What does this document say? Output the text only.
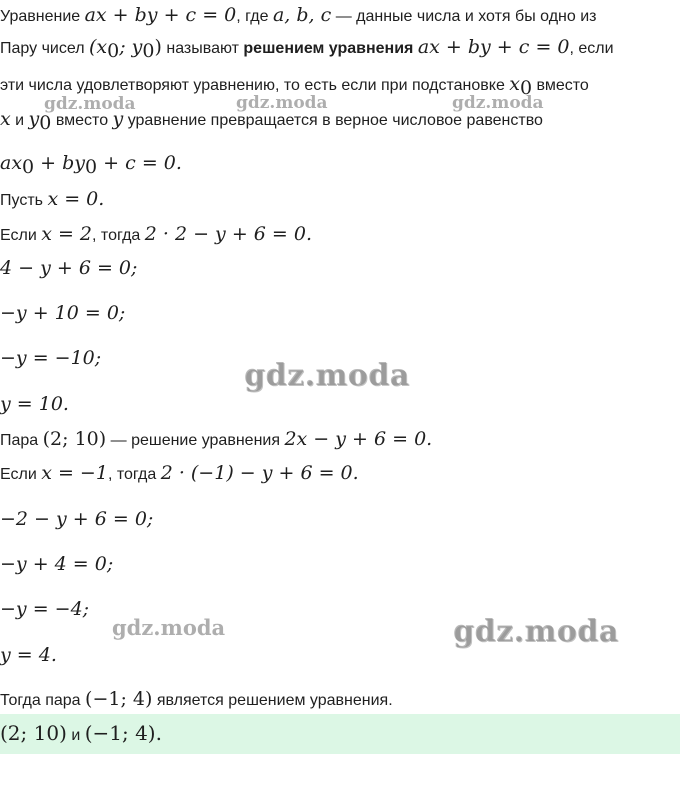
Уравнение ax + by + c = 0, где a, b, c — данные числа и хотя бы одно из
Пару чисел ($x_0$; $y_0$) называют решением уравнения ax + by + c = 0, если
эти числа удовлетворяют уравнению, то есть если при подстановке $x_0$ вместо
x и $y_0$ вместо y уравнение превращается в верное числовое равенство
$ax_0 + by_0 + c = 0$.
Пусть x = 0.
Если x = 2, тогда 2 · 2 − y + 6 = 0.
4 − y + 6 = 0;
−y + 10 = 0;
−y = −10;
y = 10.
Пара (2; 10) — решение уравнения 2x − y + 6 = 0.
Если x = −1, тогда 2 · (−1) − y + 6 = 0.
−2 − y + 6 = 0;
−y + 4 = 0;
−y = −4;
y = 4.
Тогда пара (−1; 4) является решением уравнения.
(2; 10) и (−1; 4).
gdz.moda	gdz.moda	gdz.moda
gdz.moda
gdz.moda	gdz.moda
